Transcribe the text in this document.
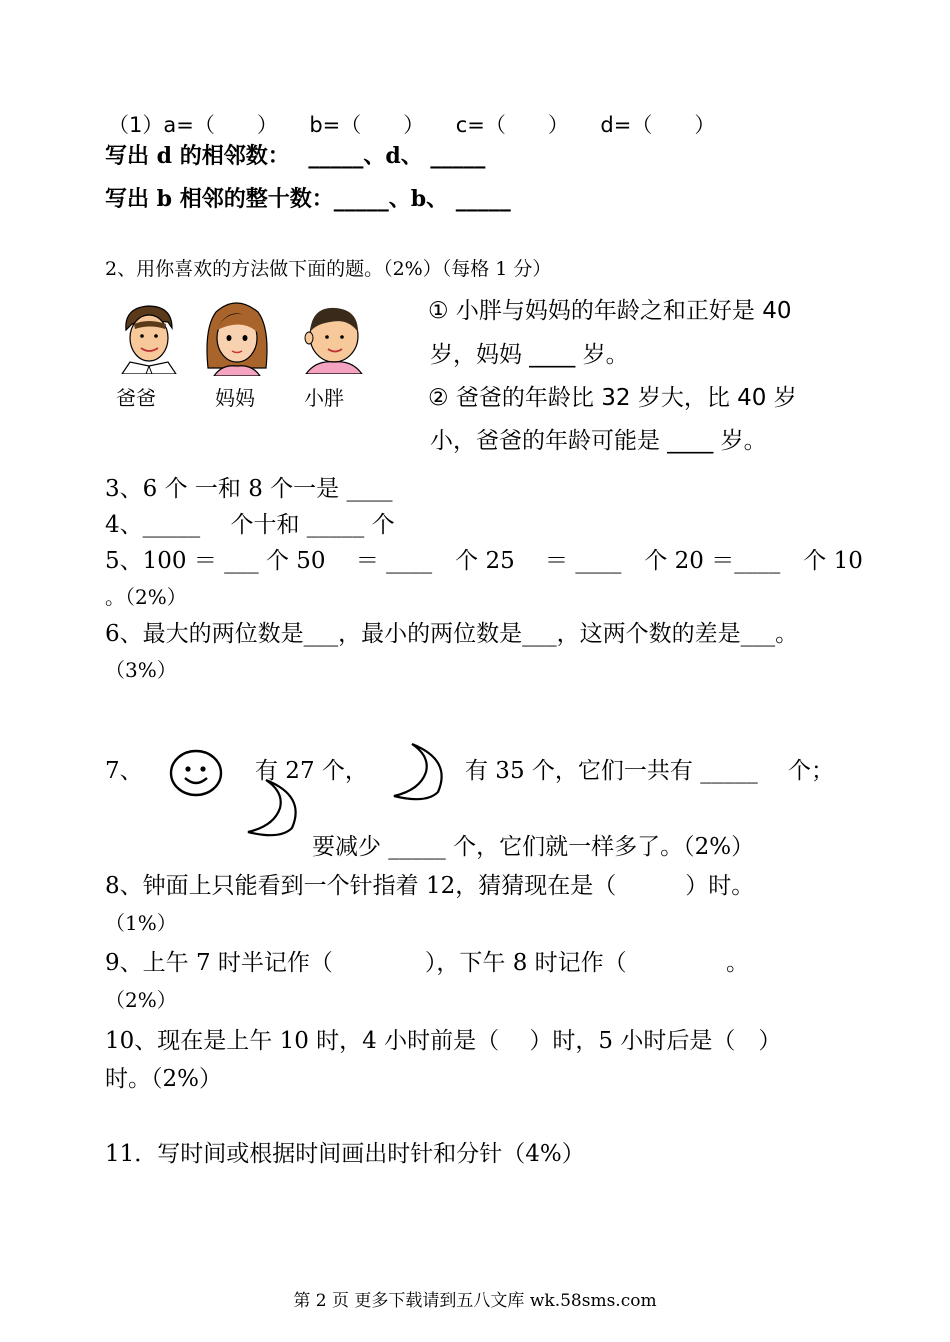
（1）a=（　　）　　b=（　　）　　c=（　　）　　d=（　　）
写出 d 的相邻数：　 _____、d、 _____
写出 b 相邻的整十数：_____、b、 _____
2、用你喜欢的方法做下面的题。（2%）（每格 1 分）
爸爸	妈妈 小胖
① 小胖与妈妈的年龄之和正好是 40
岁，妈妈 ____ 岁。
② 爸爸的年龄比 32 岁大，比 40 岁
小，爸爸的年龄可能是 ____ 岁。
3、6 个 一和 8 个一是 ____
4、_____　 个十和 _____ 个
5、100 ＝ ___ 个 50 　＝ ____　个 25 　＝ ____　个 20 ＝____　个 10
。（2%）
6、最大的两位数是___，最小的两位数是___，这两个数的差是___。
（3%）
7、	有 27 个，	有 35 个，它们一共有 _____　 个；
要减少 _____ 个，它们就一样多了。（2%）
8、钟面上只能看到一个针指着 12，猜猜现在是（　　　）时。
（1%）
9、上午 7 时半记作（　　　　），下午 8 时记作（　　　　 。
（2%）
10、现在是上午 10 时，4 小时前是（　 ）时，5 小时后是（　）
时。（2%）
11．写时间或根据时间画出时针和分针（4%）
第 2 页 更多下载请到五八文库 wk.58sms.com
